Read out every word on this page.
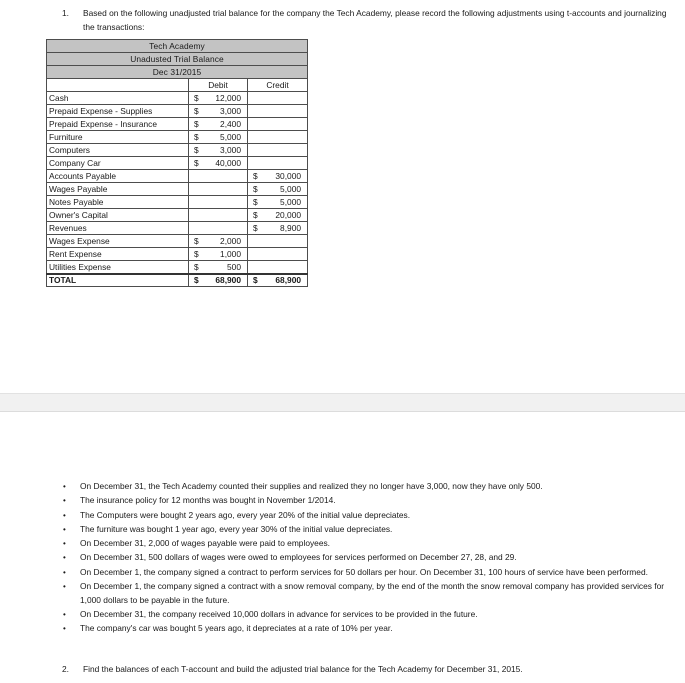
1.	Based on the following unadjusted trial balance for the company the Tech Academy, please record the following adjustments using t-accounts and journalizing the transactions:
Tech Academy		
Unadusted Trial Balance		
Dec 31/2015		
	Debit	Credit
Cash	$ 12,000	

Prepaid Expense - Supplies	$ 3,000	

Prepaid Expense - Insurance	$ 2,400	

Furniture	$ 5,000	

Computers	$ 3,000	

Company Car	$ 40,000	

Accounts Payable		$ 30,000

Wages Payable		$ 5,000

Notes Payable		$ 5,000

Owner's Capital		$ 20,000

Revenues		$ 8,900

Wages Expense	$ 2,000	

Rent Expense	$ 1,000	

Utilities Expense	$ 500	

TOTAL	$ 68,900	$ 68,900
•	On December 31, the Tech Academy counted their supplies and realized they no longer have 3,000, now they have only 500.
•	The insurance policy for 12 months was bought in November 1/2014.
•	The Computers were bought 2 years ago, every year 20% of the initial value depreciates.
•	The furniture was bought 1 year ago, every year 30% of the initial value depreciates.
•	On December 31, 2,000 of wages payable were paid to employees.
•	On December 31, 500 dollars of wages were owed to employees for services performed on December 27, 28, and 29.
•	On December 1, the company signed a contract to perform services for 50 dollars per hour. On December 31, 100 hours of service have been performed.
•	On December 1, the company signed a contract with a snow removal company, by the end of the month the snow removal company has provided services for 1,000 dollars to be payable in the future.
•	On December 31, the company received 10,000 dollars in advance for services to be provided in the future.
•	The company's car was bought 5 years ago, it depreciates at a rate of 10% per year.
2.	Find the balances of each T-account and build the adjusted trial balance for the Tech Academy for December 31, 2015.
